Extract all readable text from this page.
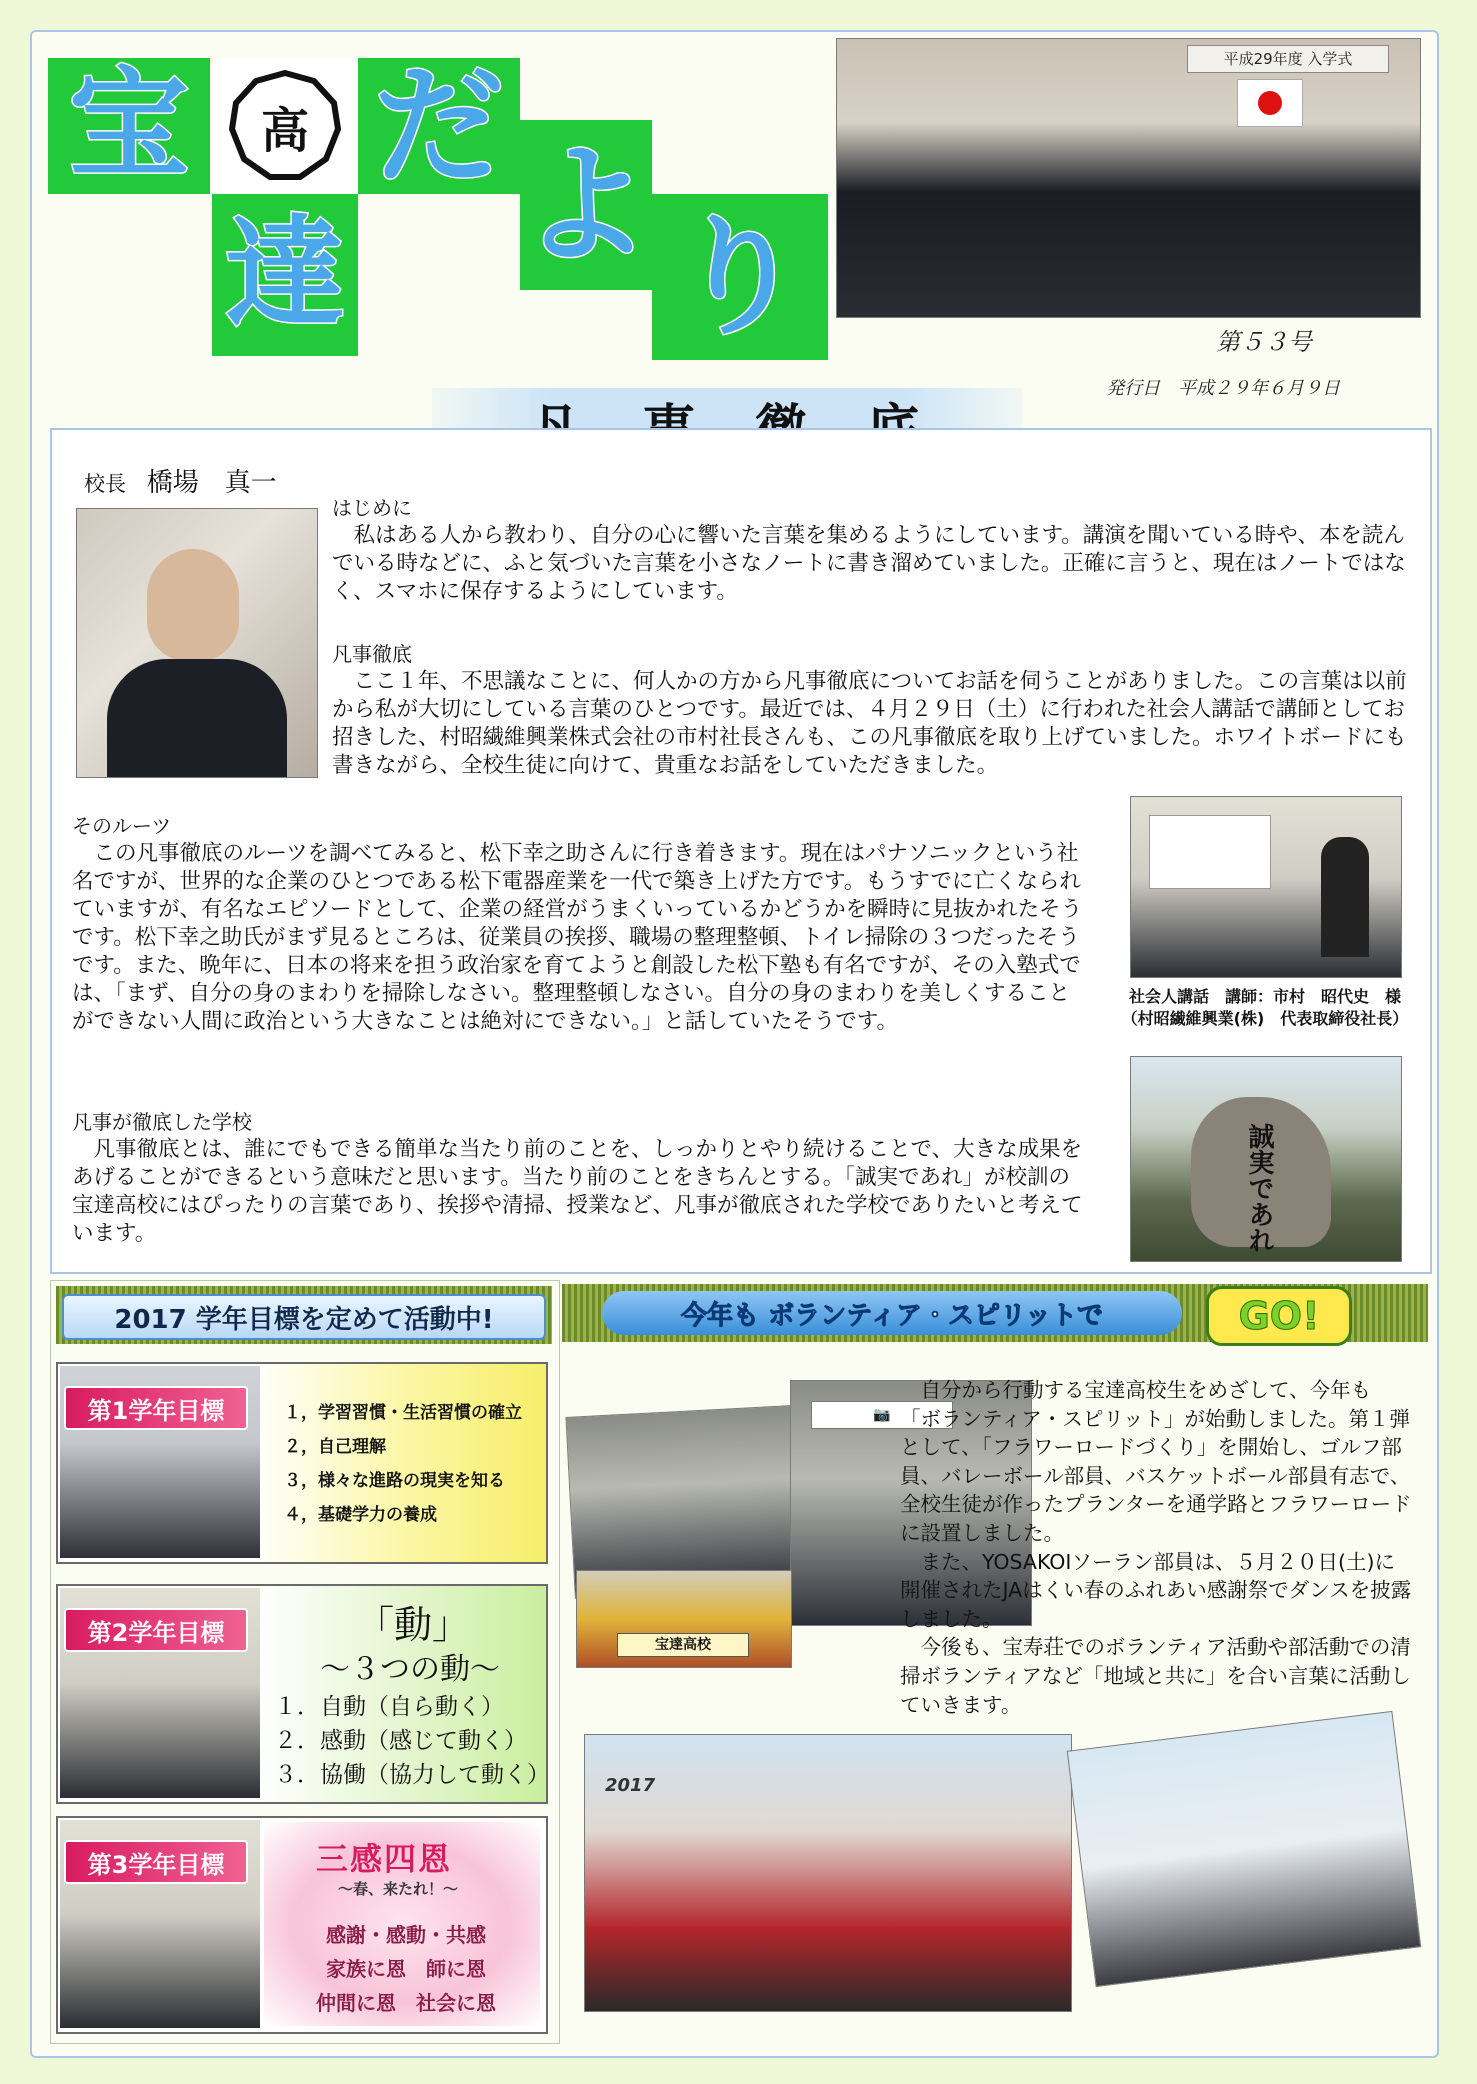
宝 高
達
だ
よ り
平成29年度 入学式
第５３号
発行日　平成２９年６月９日
校長 橋場　真一
はじめに

私はある人から教わり、自分の心に響いた言葉を集めるようにしています。講演を聞いている時や、本を読んでいる時などに、ふと気づいた言葉を小さなノートに書き溜めていました。正確に言うと、現在はノートではなく、スマホに保存するようにしています。

凡事徹底

ここ１年、不思議なことに、何人かの方から凡事徹底についてお話を伺うことがありました。この言葉は以前から私が大切にしている言葉のひとつです。最近では、４月２９日（土）に行われた社会人講話で講師としてお招きした、村昭繊維興業株式会社の市村社長さんも、この凡事徹底を取り上げていました。ホワイトボードにも書きながら、全校生徒に向けて、貴重なお話をしていただきました。

そのルーツ

この凡事徹底のルーツを調べてみると、松下幸之助さんに行き着きます。現在はパナソニックという社名ですが、世界的な企業のひとつである松下電器産業を一代で築き上げた方です。もうすでに亡くなられていますが、有名なエピソードとして、企業の経営がうまくいっているかどうかを瞬時に見抜かれたそうです。松下幸之助氏がまず見るところは、従業員の挨拶、職場の整理整頓、トイレ掃除の３つだったそうです。また、晩年に、日本の将来を担う政治家を育てようと創設した松下塾も有名ですが、その入塾式では、「まず、自分の身のまわりを掃除しなさい。整理整頓しなさい。自分の身のまわりを美しくすることができない人間に政治という大きなことは絶対にできない。」と話していたそうです。

凡事が徹底した学校

凡事徹底とは、誰にでもできる簡単な当たり前のことを、しっかりとやり続けることで、大きな成果をあげることができるという意味だと思います。当たり前のことをきちんとする。「誠実であれ」が校訓の宝達高校にはぴったりの言葉であり、挨拶や清掃、授業など、凡事が徹底された学校でありたいと考えています。

社会人講話　講師：市村　昭代史　様
（村昭繊維興業(株)　代表取締役社長）
誠実であれ
2017 学年目標を定めて活動中!
第1学年目標	１，学習習慣・生活習慣の確立
２，自己理解
３，様々な進路の現実を知る
４，基礎学力の養成
第2学年目標	「動」
～３つの動～
１．自動（自ら動く）
２．感動（感じて動く）
３．協働（協力して動く）
第3学年目標	三感四恩
～春、来たれ！～
感謝・感動・共感
家族に恩　師に恩
仲間に恩　社会に恩
今年も ボランティア・スピリットで	GO!
📷
宝達高校

自分から行動する宝達高校生をめざして、今年も「ボランティア・スピリット」が始動しました。第１弾として、「フラワーロードづくり」を開始し、ゴルフ部員、バレーボール部員、バスケットボール部員有志で、全校生徒が作ったプランターを通学路とフラワーロードに設置しました。

また、YOSAKOIソーラン部員は、５月２０日(土)に開催されたJAはくい春のふれあい感謝祭でダンスを披露しました。

今後も、宝寿荘でのボランティア活動や部活動での清掃ボランティアなど「地域と共に」を合い言葉に活動していきます。

2017
